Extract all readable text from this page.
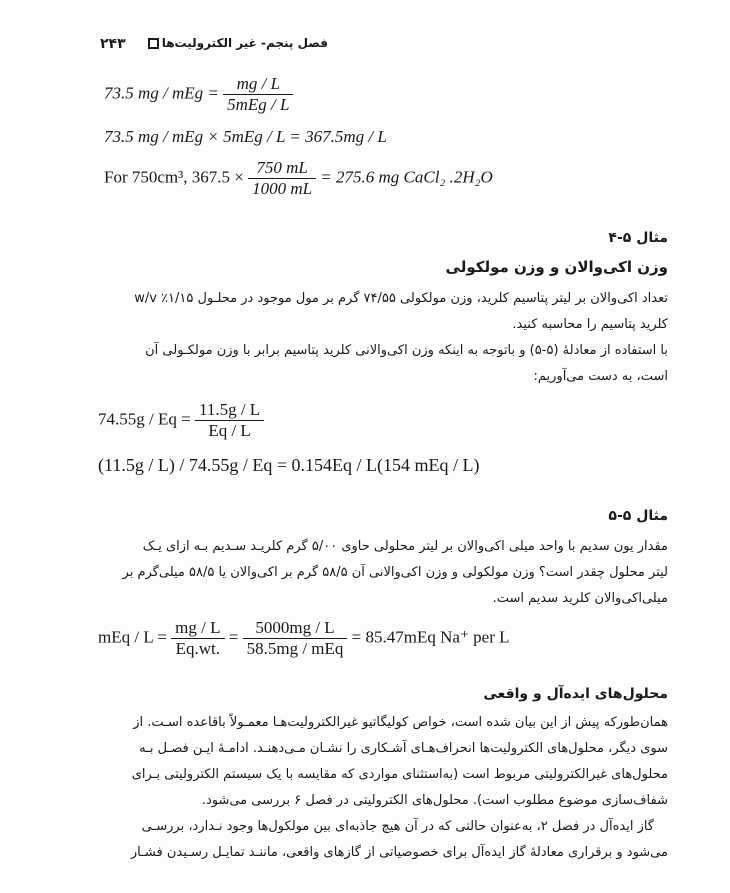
۲۴۳	فصل پنجم- غیر الکترولیت‌ها
73.5 mg / mEg = $\frac{mg / L}{\text{5mEg / L}}$
73.5 mg / mEg × 5mEg / L = 367.5mg / L
For 750cm³, $367.5 \times \frac{750 mL}{1000 mL} = 275.6$ mg CaCl₂ .2H₂O
مثال ۵-۴
وزن اکی‌والان و وزن مولکولی
تعداد اکی‌والان بر لیتر پتاسیم کلرید، وزن مولکولی ۷۴/۵۵ گرم بر مول موجود در محلـول w/v ٪۱/۱۵
کلرید پتاسیم را محاسبه کنید.
با استفاده از معادلهٔ (۵-۵) و باتوجه به اینکه وزن اکی‌والانی کلرید پتاسیم برابر با وزن مولکـولی آن
است، به دست می‌آوریم:
$74.55g / Eq = \frac{11.5g / L}{Eq / L}$
(11.5g / L) / 74.55g / Eq = 0.154Eq / L(154 mEq / L)
مثال ۵-۵
مقدار یون سدیم با واحد میلی اکی‌والان بر لیتر محلولی حاوی ۵/۰۰ گرم کلریـد سـدیم بـه ازای یـک
لیتر محلول چقدر است؟ وزن مولکولی و وزن اکی‌والانی آن ۵۸/۵ گرم بر اکی‌والان یا ۵۸/۵ میلی‌گرم بر
میلی‌اکی‌والان کلرید سدیم است.
mEq / $L = \frac{mg / L}{Eq.wt.} = \frac{5000mg / L}{\text{58.5mg / mEq}} = 85.47mEq$ Na⁺ per L
محلول‌های ایده‌آل و واقعی
همان‌طورکه پیش از این بیان شده است، خواص کولیگاتیو غیرالکترولیت‌هـا معمـولاً باقاعده اسـت. از
سوی دیگر، محلول‌های الکترولیت‌ها انحراف‌هـای آشـکاری را نشـان مـی‌دهنـد. ادامـهٔ ایـن فصـل بـه
محلول‌های غیرالکترولیتی مربوط است (به‌استثنای مواردی که مقایسه با یک سیستم الکترولیتی بـرای
شفاف‌سازی موضوع مطلوب است). محلول‌های الکترولیتی در فصل ۶ بررسی می‌شود.
گاز ایده‌آل در فصل ۲، به‌عنوان حالتی که در آن هیچ جاذبه‌ای بین مولکول‌ها وجود نـدارد، بررسـی
می‌شود و برقراری معادلهٔ گاز ایده‌آل برای خصوصیاتی از گازهای واقعی، ماننـد تمایـل رسـیدن فشـار
